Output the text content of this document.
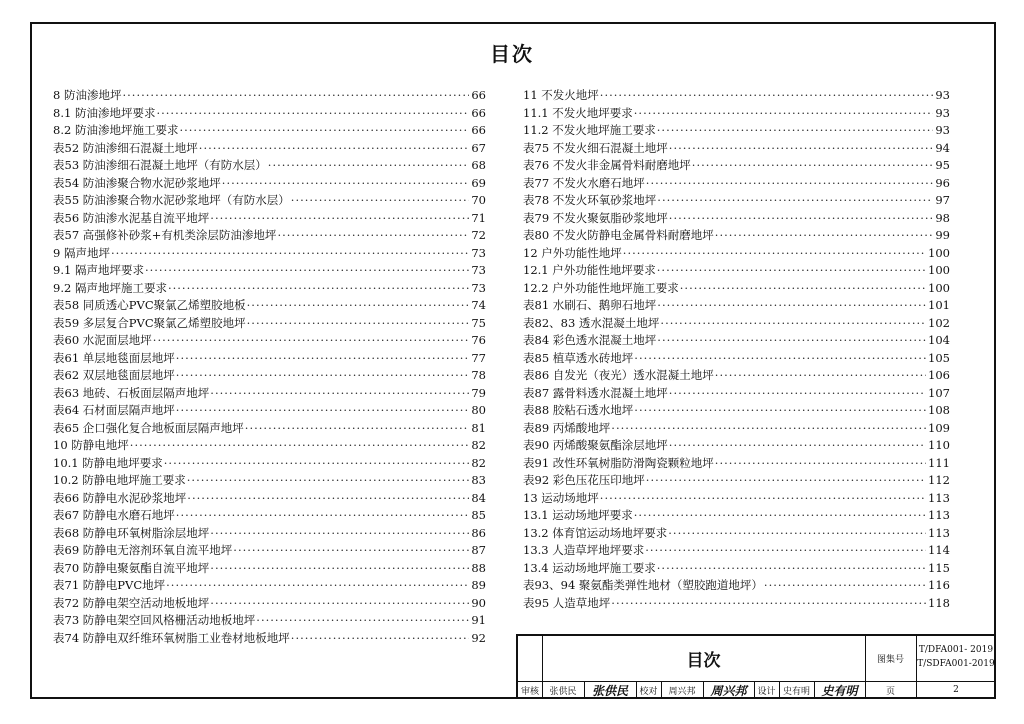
目次
8 防油渗地坪 ·····	66
8.1 防油渗地坪要求 ·····	66
8.2 防油渗地坪施工要求 ·····	66
表52 防油渗细石混凝土地坪 ·····	67
表53 防油渗细石混凝土地坪（有防水层） ·····	68
表54 防油渗聚合物水泥砂浆地坪 ·····	69
表55 防油渗聚合物水泥砂浆地坪（有防水层） ·····	70
表56 防油渗水泥基自流平地坪 ·····	71
表57 高强修补砂浆+有机类涂层防油渗地坪 ·····	72
9 隔声地坪 ·····	73
9.1 隔声地坪要求 ·····	73
9.2 隔声地坪施工要求 ·····	73
表58 同质透心PVC聚氯乙烯塑胶地板 ·····	74
表59 多层复合PVC聚氯乙烯塑胶地坪 ·····	75
表60 水泥面层地坪 ·····	76
表61 单层地毯面层地坪 ·····	77
表62 双层地毯面层地坪 ·····	78
表63 地砖、石板面层隔声地坪 ·····	79
表64 石材面层隔声地坪 ·····	80
表65 企口强化复合地板面层隔声地坪 ·····	81
10 防静电地坪 ·····	82
10.1 防静电地坪要求 ·····	82
10.2 防静电地坪施工要求 ·····	83
表66 防静电水泥砂浆地坪 ·····	84
表67 防静电水磨石地坪 ·····	85
表68 防静电环氧树脂涂层地坪 ·····	86
表69 防静电无溶剂环氧自流平地坪 ·····	87
表70 防静电聚氨酯自流平地坪 ·····	88
表71 防静电PVC地坪 ·····	89
表72 防静电架空活动地板地坪 ·····	90
表73 防静电架空回风格栅活动地板地坪 ·····	91
表74 防静电双纤维环氧树脂工业卷材地板地坪 ·····	92
11 不发火地坪 ·····	93
11.1 不发火地坪要求 ·····	93
11.2 不发火地坪施工要求 ·····	93
表75 不发火细石混凝土地坪 ·····	94
表76 不发火非金属骨料耐磨地坪 ·····	95
表77 不发火水磨石地坪 ·····	96
表78 不发火环氧砂浆地坪 ·····	97
表79 不发火聚氨脂砂浆地坪 ·····	98
表80 不发火防静电金属骨料耐磨地坪 ·····	99
12 户外功能性地坪 ·····	100
12.1 户外功能性地坪要求 ·····	100
12.2 户外功能性地坪施工要求 ·····	100
表81 水刷石、鹅卵石地坪 ·····	101
表82、83 透水混凝土地坪 ·····	102
表84 彩色透水混凝土地坪 ·····	104
表85 植草透水砖地坪 ·····	105
表86 自发光（夜光）透水混凝土地坪 ·····	106
表87 露骨料透水混凝土地坪 ·····	107
表88 胶粘石透水地坪 ·····	108
表89 丙烯酸地坪 ·····	109
表90 丙烯酸聚氨酯涂层地坪 ·····	110
表91 改性环氧树脂防滑陶瓷颗粒地坪 ·····	111
表92 彩色压花压印地坪 ·····	112
13 运动场地坪 ·····	113
13.1 运动场地坪要求 ·····	113
13.2 体育馆运动场地坪要求 ·····	113
13.3 人造草坪地坪要求 ·····	114
13.4 运动场地坪施工要求 ·····	115
表93、94 聚氨酯类弹性地材（塑胶跑道地坪） ·····	116
表95 人造草地坪 ·····	118
目次	图集号
T/DFA001- 2019
T/SDFA001-2019
审核	张供民	张供民	校对	周兴邦	周兴邦	设计 史有明 史有明	页	2
